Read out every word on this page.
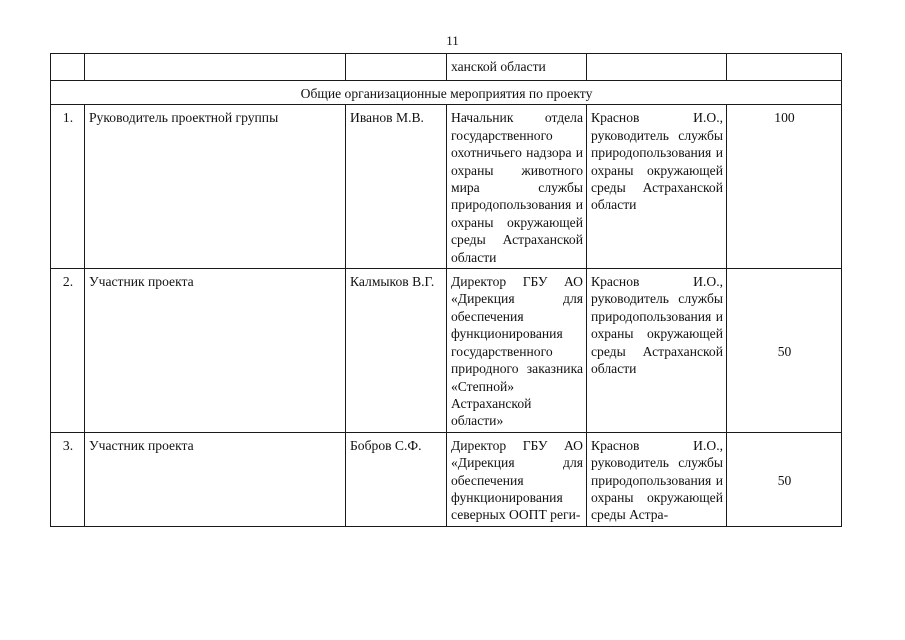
11
			ханской области		
Общие организационные мероприятия по проекту					
1.	Руководитель проектной группы	Иванов М.В.	Начальник отдела государственного охотничьего надзора и охраны животного мира службы природопользования и охраны окружающей среды Астраханской области	Краснов И.О., руководитель службы природопользования и охраны окружающей среды Астраханской области	100
2.	Участник проекта	Калмыков В.Г.	Директор ГБУ АО «Дирекция для обеспечения функционирования государственного природного заказника «Степной» Астраханской области»	Краснов И.О., руководитель службы природопользования и охраны окружающей среды Астраханской области	50
3.	Участник проекта	Бобров С.Ф.	Директор ГБУ АО «Дирекция для обеспечения функционирования северных ООПТ реги-	Краснов И.О., руководитель службы природопользования и охраны окружающей среды Астра-	50
